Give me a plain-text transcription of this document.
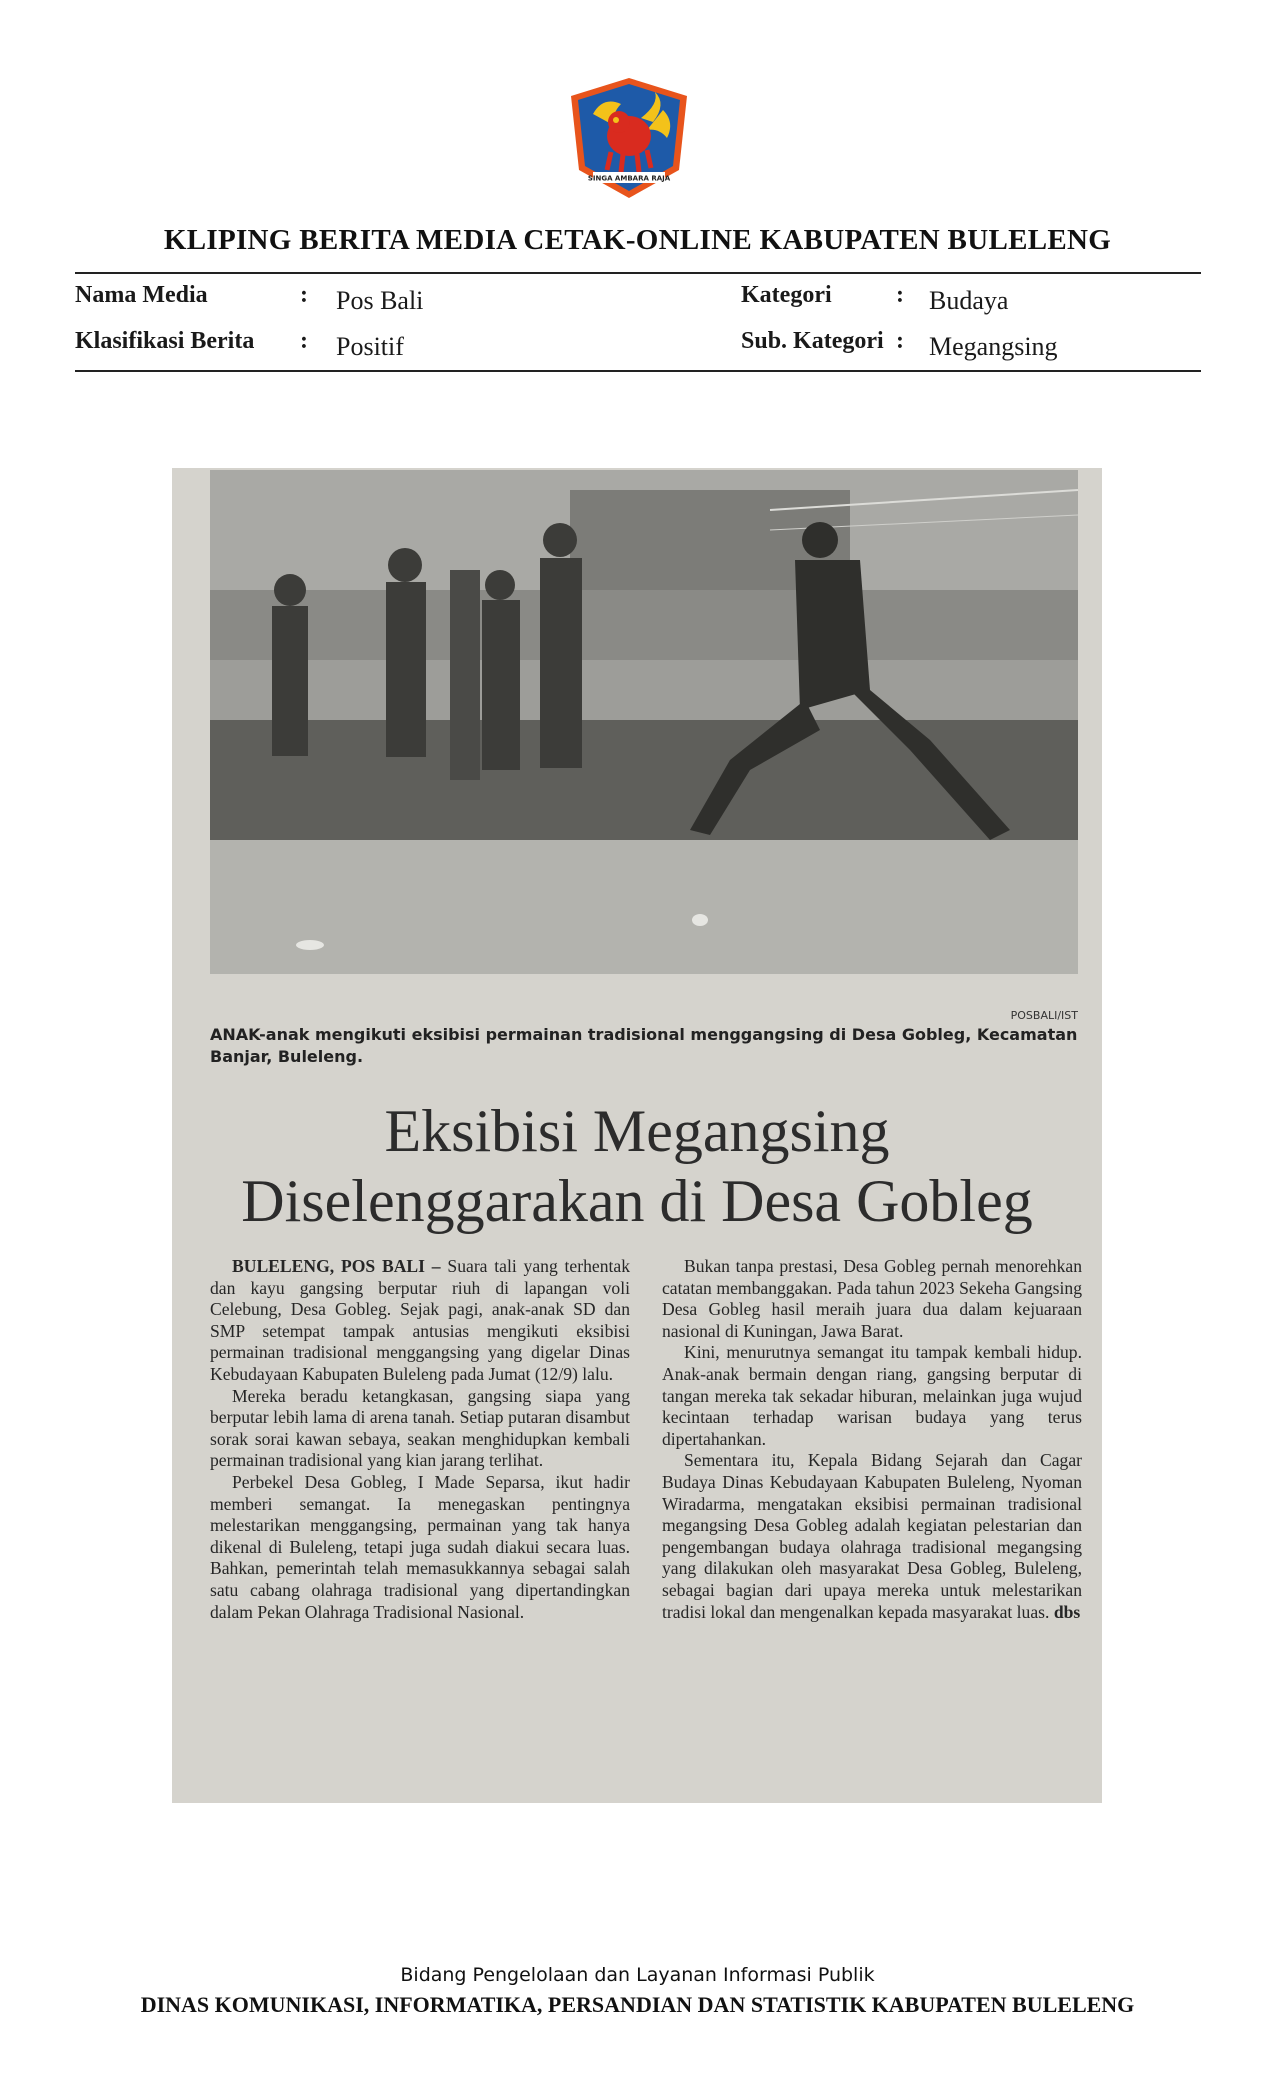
SINGA AMBARA RAJA
KLIPING BERITA MEDIA CETAK-ONLINE KABUPATEN BULELENG
Nama Media	: Pos Bali	Kategori	: Budaya
Klasifikasi Berita : Positif	Sub. Kategori : Megangsing
POSBALI/IST
ANAK-anak mengikuti eksibisi permainan tradisional menggangsing di Desa Gobleg, Kecamatan Banjar, Buleleng.
Eksibisi Megangsing
Diselenggarakan di Desa Gobleg

BULELENG, POS BALI – Suara tali yang terhentak dan kayu gangsing berputar riuh di lapangan voli Celebung, Desa Gobleg. Sejak pagi, anak-anak SD dan SMP setempat tampak antusias mengikuti eksibisi permainan tradisional menggangsing yang digelar Dinas Kebudayaan Kabupaten Buleleng pada Jumat (12/9) lalu.

Mereka beradu ketangkasan, gangsing siapa yang berputar lebih lama di arena tanah. Setiap putaran disambut sorak sorai kawan sebaya, seakan menghidupkan kembali permainan tradisional yang kian jarang terlihat.

Perbekel Desa Gobleg, I Made Separsa, ikut hadir memberi semangat. Ia menegaskan pentingnya melestarikan menggangsing, permainan yang tak hanya dikenal di Buleleng, tetapi juga sudah diakui secara luas. Bahkan, pemerintah telah memasukkannya sebagai salah satu cabang olahraga tradisional yang dipertandingkan dalam Pekan Olahraga Tradisional Nasional.

Bukan tanpa prestasi, Desa Gobleg pernah menorehkan catatan membanggakan. Pada tahun 2023 Sekeha Gangsing Desa Gobleg hasil meraih juara dua dalam kejuaraan nasional di Kuningan, Jawa Barat.

Kini, menurutnya semangat itu tampak kembali hidup. Anak-anak bermain dengan riang, gangsing berputar di tangan mereka tak sekadar hiburan, melainkan juga wujud kecintaan terhadap warisan budaya yang terus dipertahankan.

Sementara itu, Kepala Bidang Sejarah dan Cagar Budaya Dinas Kebudayaan Kabupaten Buleleng, Nyoman Wiradarma, mengatakan eksibisi permainan tradisional megangsing Desa Gobleg adalah kegiatan pelestarian dan pengembangan budaya olahraga tradisional megangsing yang dilakukan oleh masyarakat Desa Gobleg, Buleleng, sebagai bagian dari upaya mereka untuk melestarikan tradisi lokal dan mengenalkan kepada masyarakat luas. dbs

Bidang Pengelolaan dan Layanan Informasi Publik
DINAS KOMUNIKASI, INFORMATIKA, PERSANDIAN DAN STATISTIK KABUPATEN BULELENG
